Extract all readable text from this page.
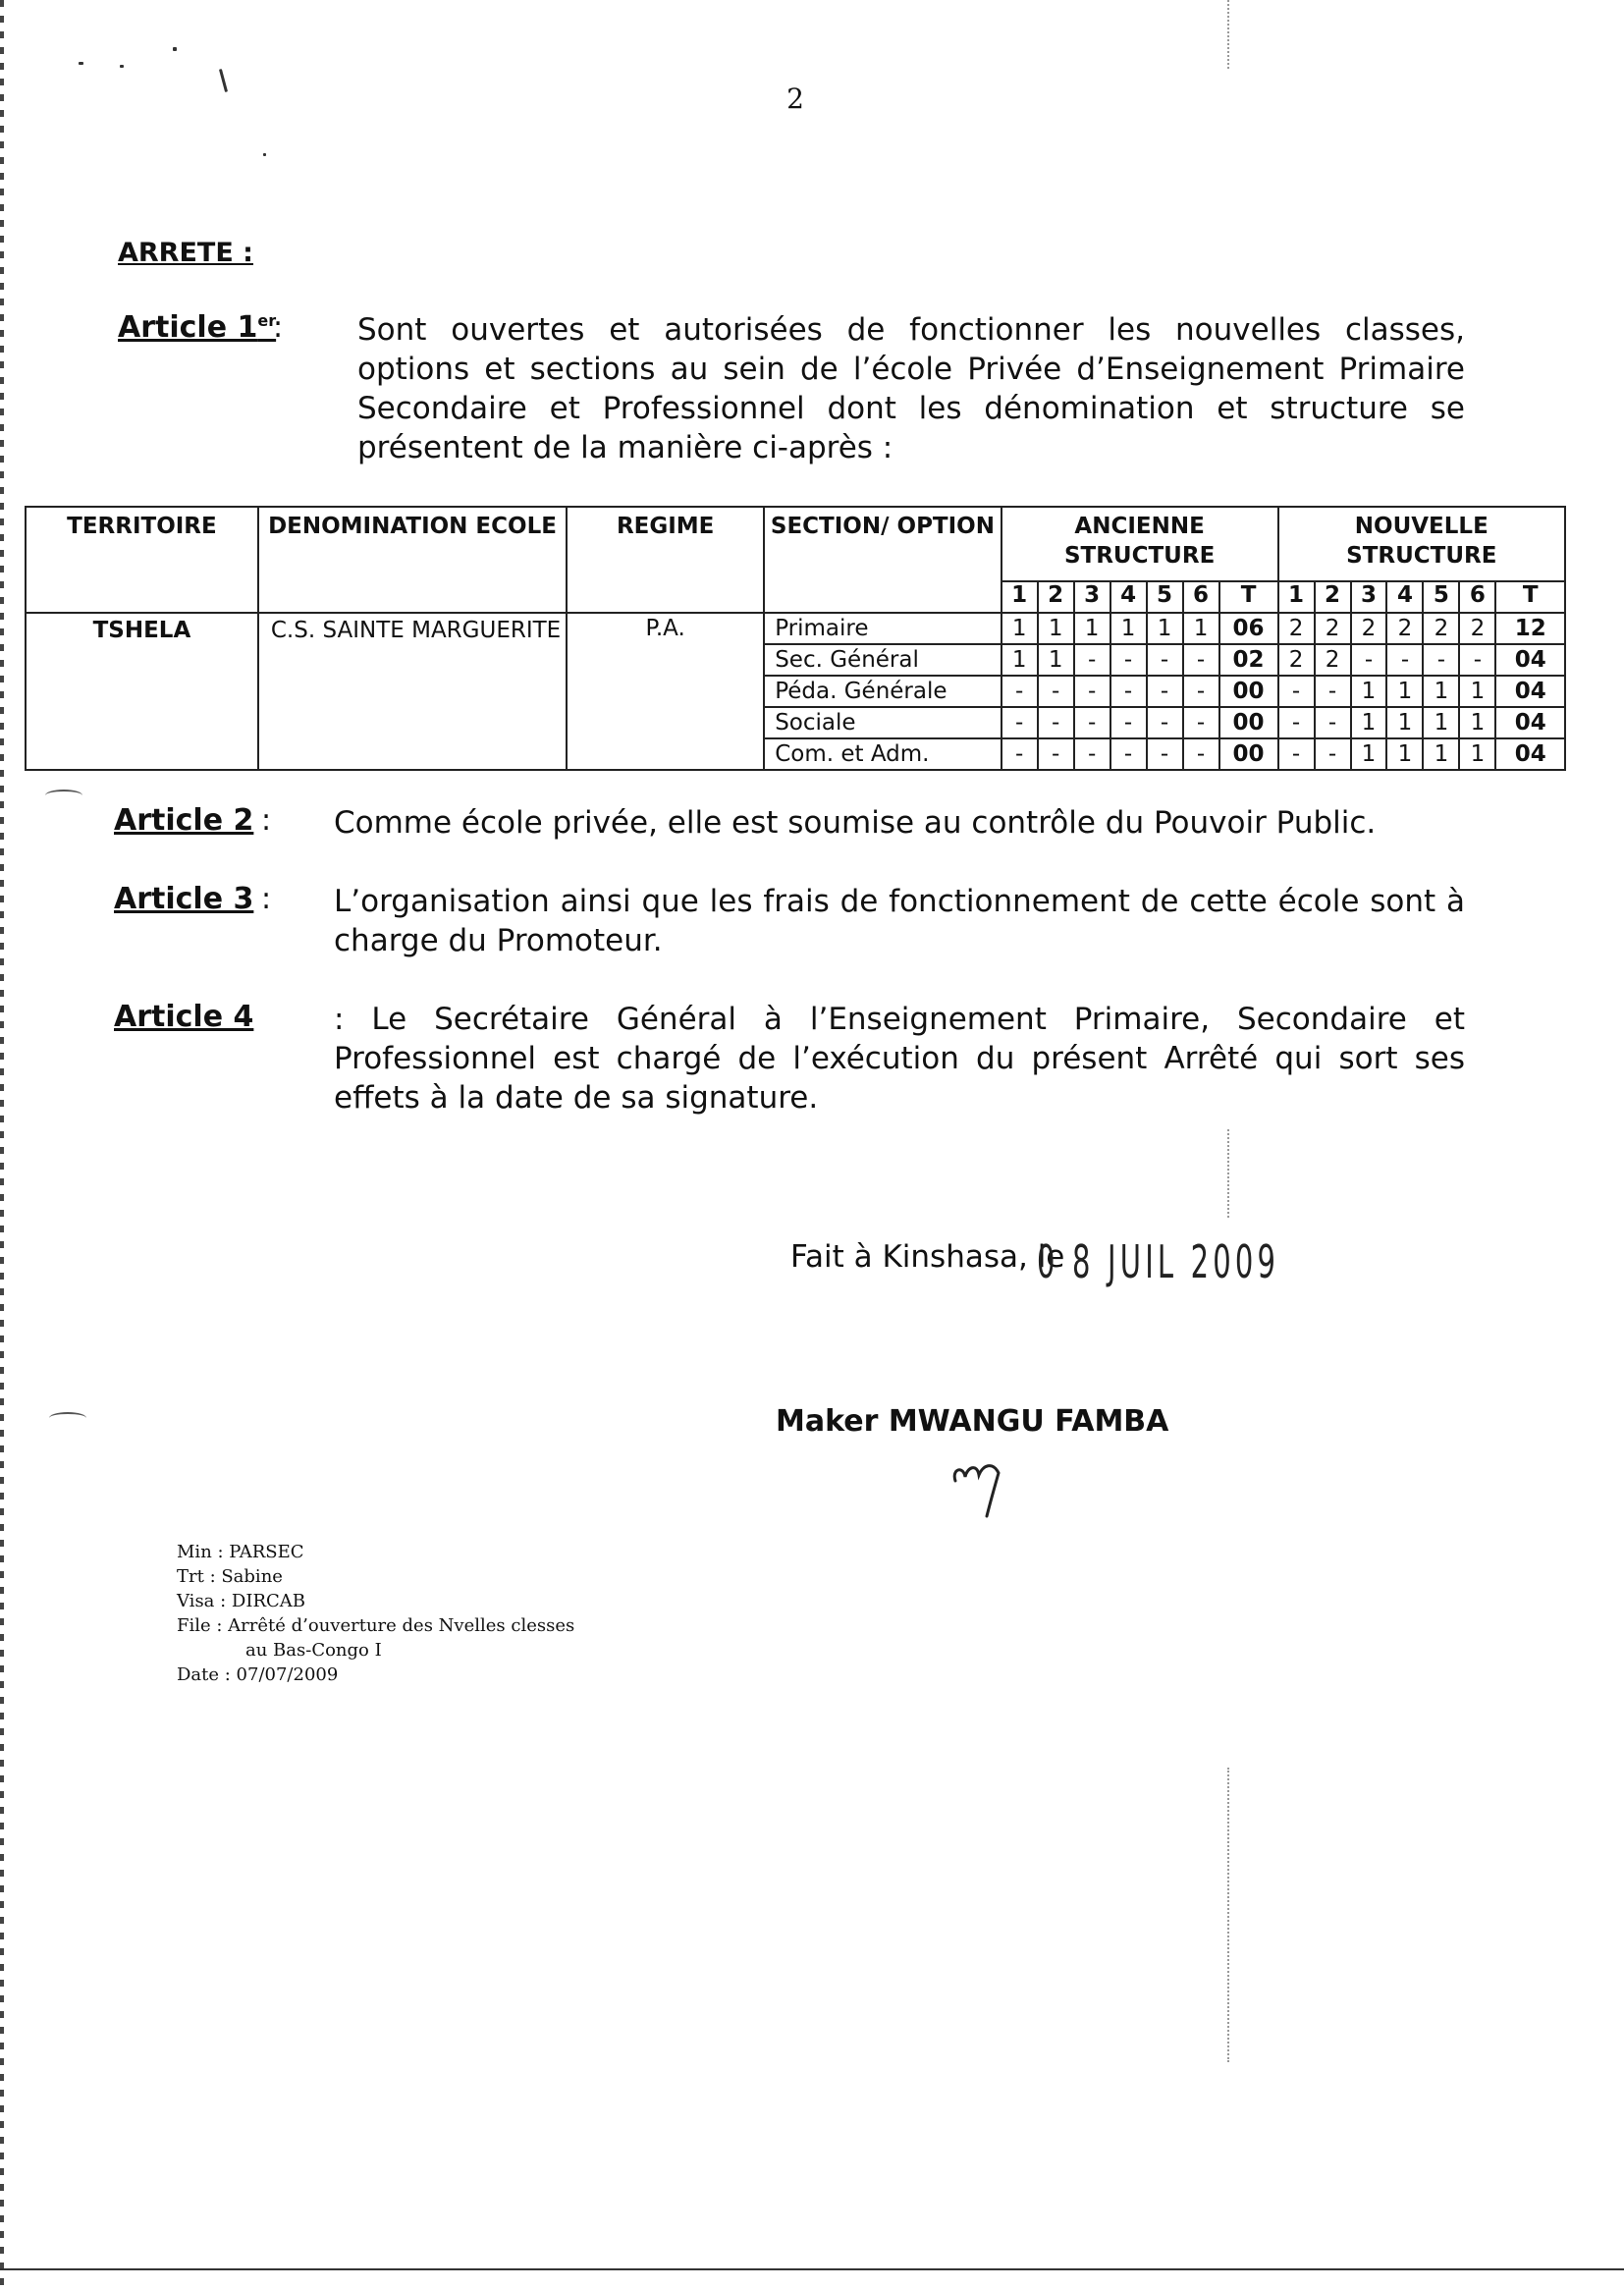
2
ARRETE :
Article 1er
: Sont ouvertes et autorisées de fonctionner les nouvelles classes, options et sections au sein de l’école Privée d’Enseignement Primaire Secondaire et Professionnel dont les dénomination et structure se présentent de la manière ci-après :
TERRITOIRE	DENOMINATION ECOLE	REGIME	SECTION/ OPTION	ANCIENNE STRUCTURE							NOUVELLE STRUCTURE						
				1	2	3	4	5	6	T	1	2	3	4	5	6	T
TSHELA	C.S. SAINTE MARGUERITE	P.A.	Primaire	1	1	1	1	1	1	06	2	2	2	2	2	2	12
			Sec. Général	1	1	-	-	-	-	02	2	2	-	-	-	-	04
			Péda. Générale	-	-	-	-	-	-	00	-	-	1	1	1	1	04
			Sociale	-	-	-	-	-	-	00	-	-	1	1	1	1	04
			Com. et Adm.	-	-	-	-	-	-	00	-	-	1	1	1	1	04
Article 2 : Comme école privée, elle est soumise au contrôle du Pouvoir Public.
Article 3 : L’organisation ainsi que les frais de fonctionnement de cette école sont à charge du Promoteur.
Article 4	: Le Secrétaire Général à l’Enseignement Primaire, Secondaire et Professionnel est chargé de l’exécution du présent Arrêté qui sort ses effets à la date de sa signature.
Fait à Kinshasa, le
0 8 JUIL 2009
Maker MWANGU FAMBA
Min : PARSEC
Trt : Sabine
Visa : DIRCAB
File : Arrêté d’ouverture des Nvelles clesses
au Bas-Congo I
Date : 07/07/2009
